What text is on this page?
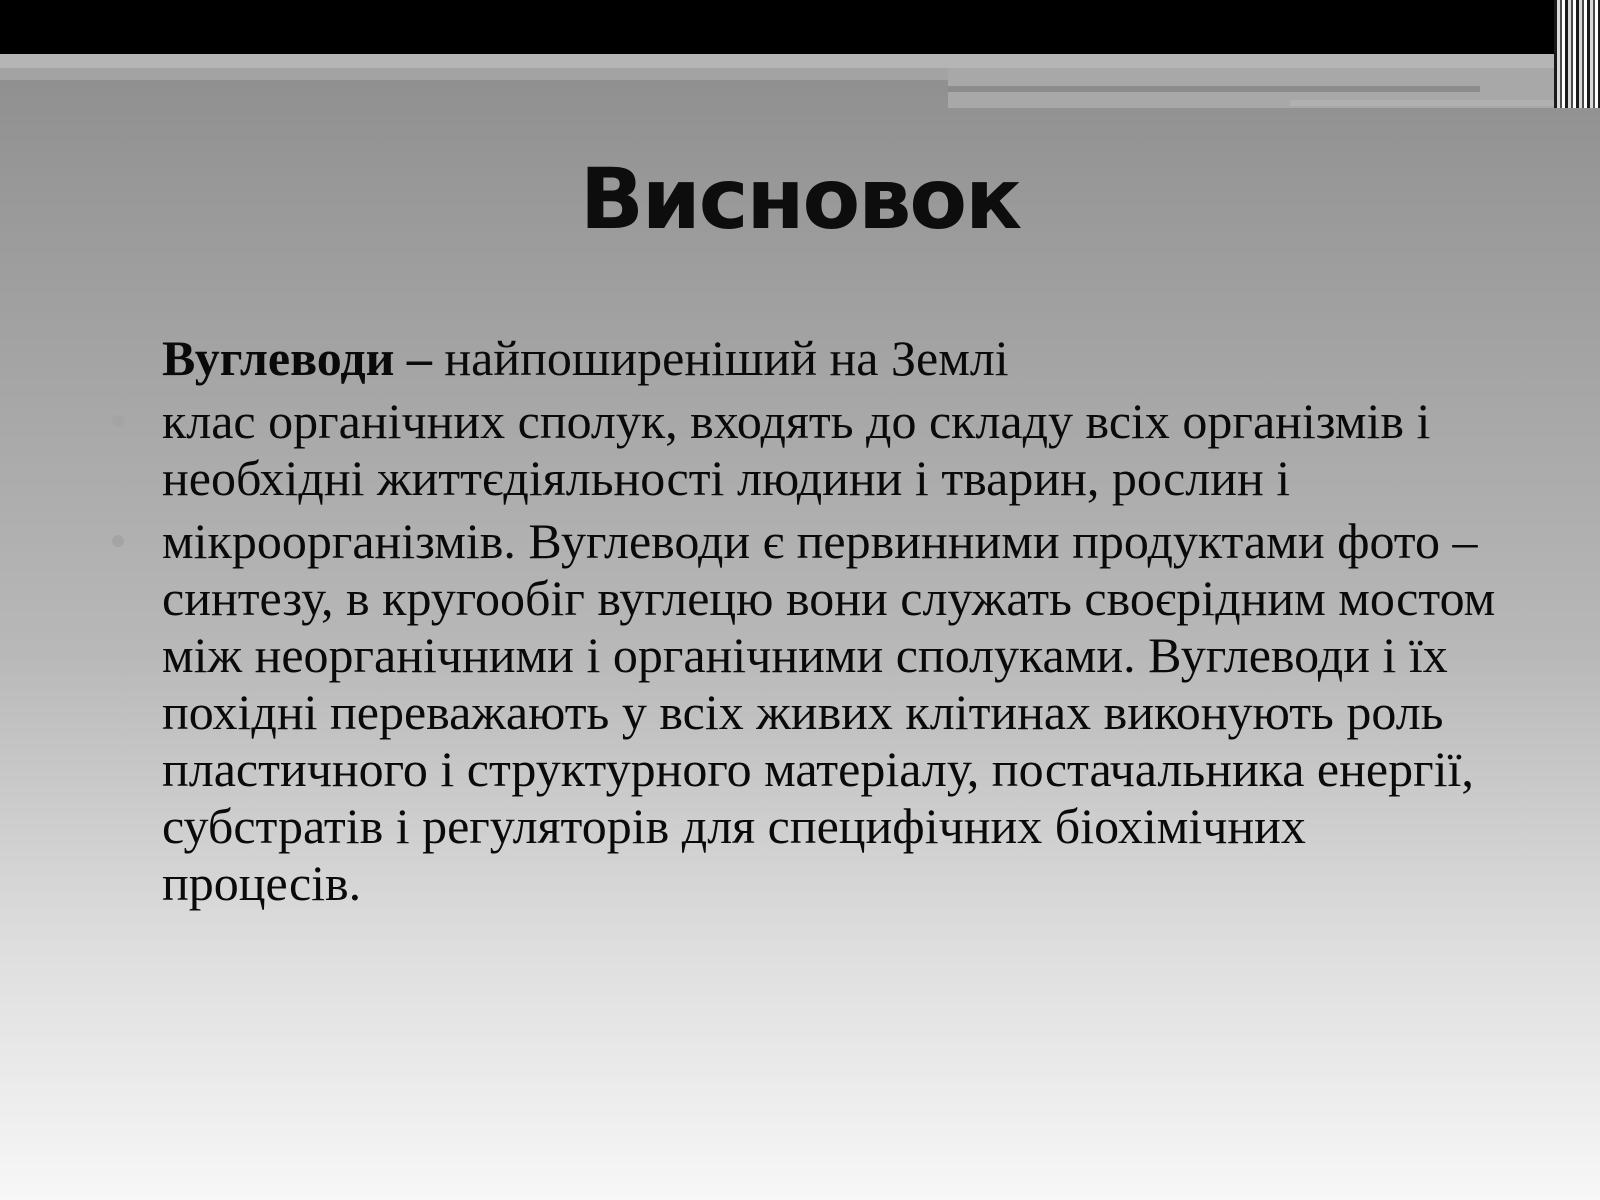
Висновок
Вуглеводи – найпоширеніший на Землі
клас органічних сполук, входять до складу всіх організмів і необхідні життєдіяльності людини і тварин, рослин і
мікроорганізмів. Вуглеводи є первинними продуктами фото – синтезу, в кругообіг вуглецю вони служать своєрідним мостом між неорганічними і органічними сполуками. Вуглеводи і їх похідні переважають у всіх живих клітинах виконують роль пластичного і структурного матеріалу, постачальника енергії, субстратів і регуляторів для специфічних біохімічних процесів.
